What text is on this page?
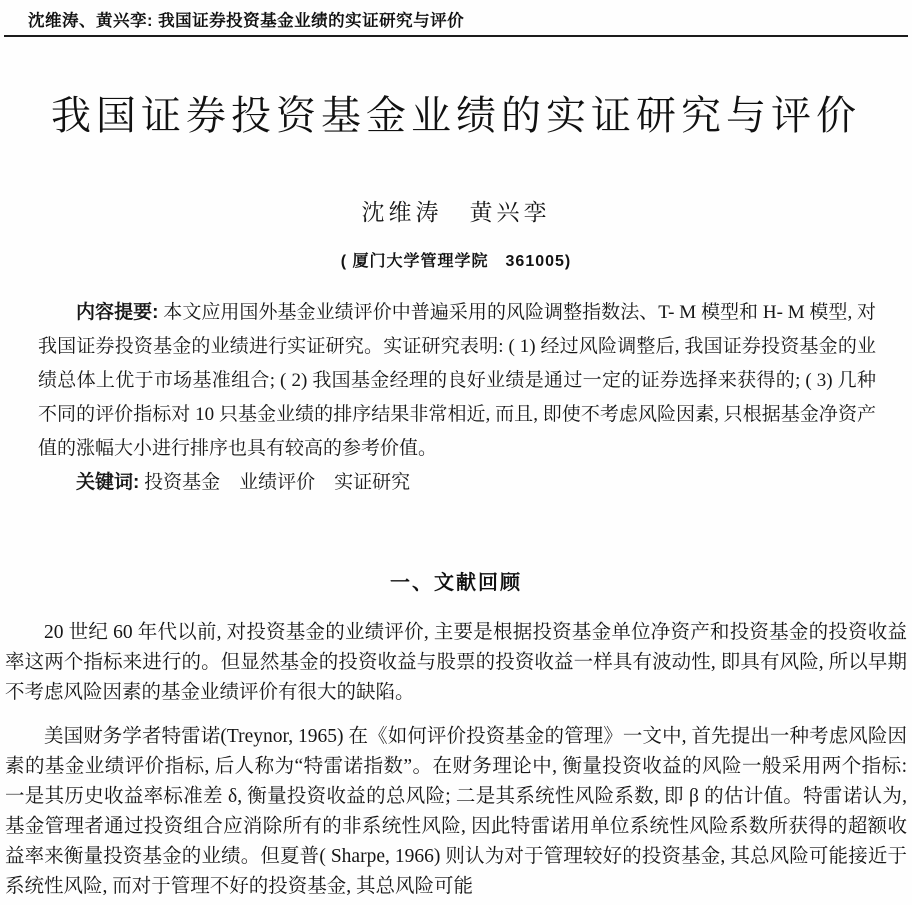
沈维涛、黄兴孪: 我国证券投资基金业绩的实证研究与评价
我国证券投资基金业绩的实证研究与评价
沈维涛　黄兴孪
( 厦门大学管理学院　361005)

内容提要: 本文应用国外基金业绩评价中普遍采用的风险调整指数法、T- M 模型和 H- M 模型, 对我国证券投资基金的业绩进行实证研究。实证研究表明: ( 1) 经过风险调整后, 我国证券投资基金的业绩总体上优于市场基准组合; ( 2) 我国基金经理的良好业绩是通过一定的证券选择来获得的; ( 3) 几种不同的评价指标对 10 只基金业绩的排序结果非常相近, 而且, 即使不考虑风险因素, 只根据基金净资产值的涨幅大小进行排序也具有较高的参考价值。

关键词: 投资基金　业绩评价　实证研究

一、文献回顾

20 世纪 60 年代以前, 对投资基金的业绩评价, 主要是根据投资基金单位净资产和投资基金的投资收益率这两个指标来进行的。但显然基金的投资收益与股票的投资收益一样具有波动性, 即具有风险, 所以早期不考虑风险因素的基金业绩评价有很大的缺陷。

美国财务学者特雷诺(Treynor, 1965) 在《如何评价投资基金的管理》一文中, 首先提出一种考虑风险因素的基金业绩评价指标, 后人称为“特雷诺指数”。在财务理论中, 衡量投资收益的风险一般采用两个指标: 一是其历史收益率标准差 δ, 衡量投资收益的总风险; 二是其系统性风险系数, 即 β 的估计值。特雷诺认为, 基金管理者通过投资组合应消除所有的非系统性风险, 因此特雷诺用单位系统性风险系数所获得的超额收益率来衡量投资基金的业绩。但夏普( Sharpe, 1966) 则认为对于管理较好的投资基金, 其总风险可能接近于系统性风险, 而对于管理不好的投资基金, 其总风险可能
